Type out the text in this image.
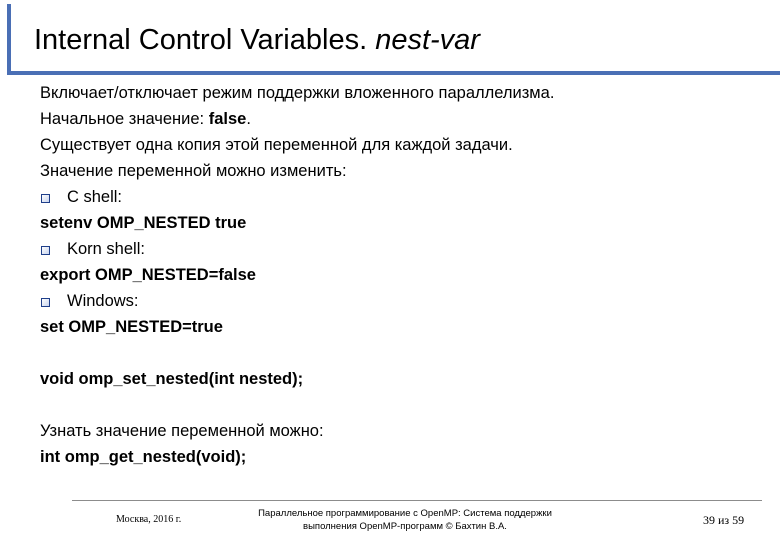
Internal Control Variables. nest-var
Включает/отключает режим поддержки вложенного параллелизма.
Начальное значение: false.
Существует одна копия этой переменной для каждой задачи.
Значение переменной можно изменить:
C shell:
setenv OMP_NESTED true
Korn shell:
export OMP_NESTED=false
Windows:
set OMP_NESTED=true
void omp_set_nested(int nested);
Узнать значение переменной можно:
int omp_get_nested(void);
Москва, 2016 г.
Параллельное программирование с OpenMP: Система поддержки
выполнения OpenMP-программ © Бахтин В.А.	39 из 59
